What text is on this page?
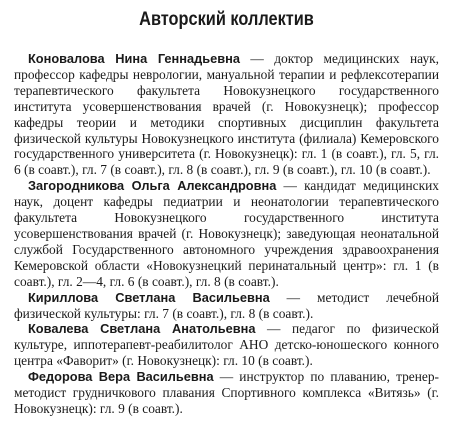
Авторский коллектив

Коновалова Нина Геннадьевна — доктор медицинских наук, профессор кафедры неврологии, мануальной терапии и рефлексотерапии терапевтического факультета Новокузнецкого государственного института усовершенствования врачей (г. Новокузнецк); профессор кафедры теории и методики спортивных дисциплин факультета физической культуры Новокузнецкого института (филиала) Кемеровского государственного университета (г. Новокузнецк): гл. 1 (в соавт.), гл. 5, гл. 6 (в соавт.), гл. 7 (в соавт.), гл. 8 (в соавт.), гл. 9 (в соавт.), гл. 10 (в соавт.).

Загородникова Ольга Александровна — кандидат медицинских наук, доцент кафедры педиатрии и неонатологии терапевтического факультета Новокузнецкого государственного института усовершенствования врачей (г. Новокузнецк); заведующая неонатальной службой Государственного автономного учреждения здравоохранения Кемеровской области «Новокузнецкий перинатальный центр»: гл. 1 (в соавт.), гл. 2—4, гл. 6 (в соавт.), гл. 8 (в соавт.).

Кириллова Светлана Васильевна — методист лечебной физической культуры: гл. 7 (в соавт.), гл. 8 (в соавт.).

Ковалева Светлана Анатольевна — педагог по физической культуре, иппотерапевт-реабилитолог АНО детско-юношеского конного центра «Фаворит» (г. Новокузнецк): гл. 10 (в соавт.).

Федорова Вера Васильевна — инструктор по плаванию, тренер-методист грудничкового плавания Спортивного комплекса «Витязь» (г. Новокузнецк): гл. 9 (в соавт.).
